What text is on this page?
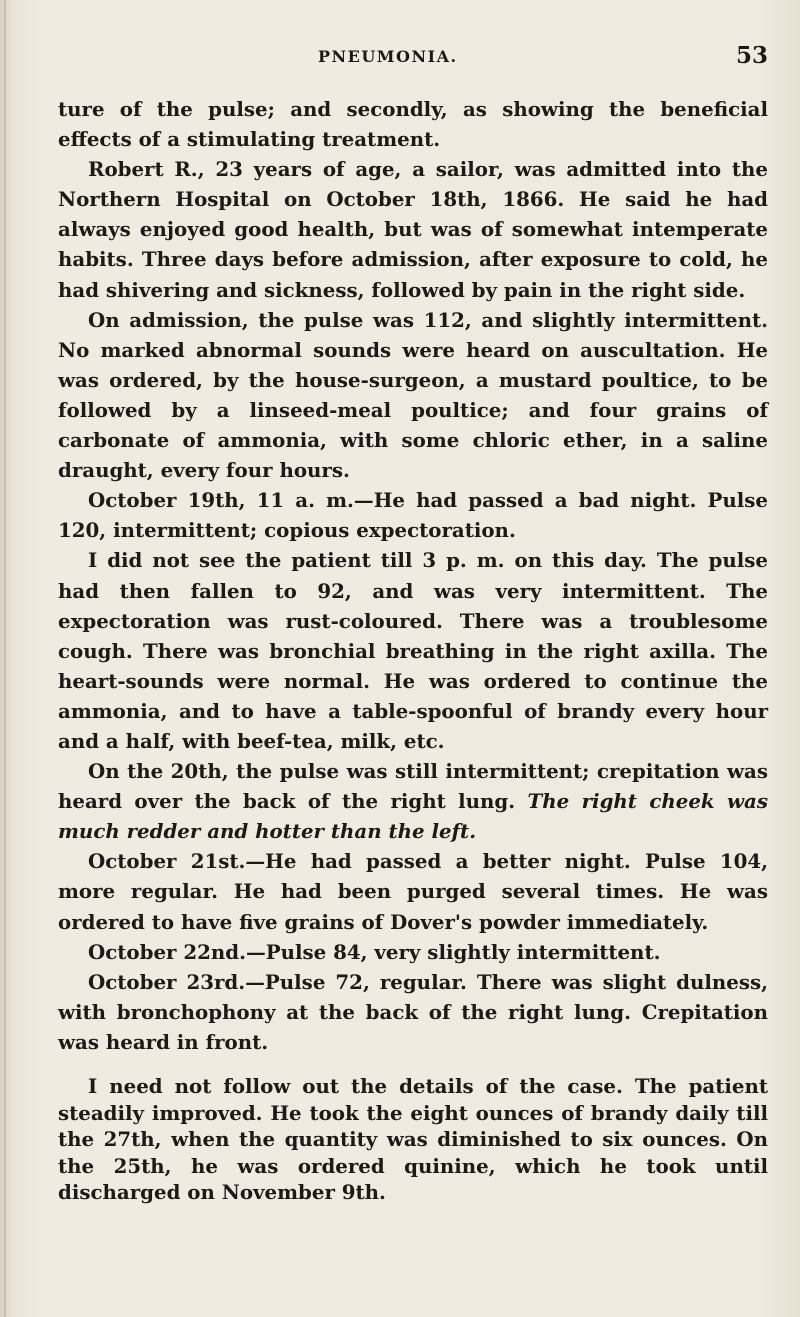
PNEUMONIA.	53

ture of the pulse; and secondly, as showing the beneficial effects of a stimulating treatment.

Robert R., 23 years of age, a sailor, was admitted into the Northern Hospital on October 18th, 1866. He said he had always enjoyed good health, but was of somewhat intemperate habits. Three days before admission, after exposure to cold, he had shivering and sickness, followed by pain in the right side.

On admission, the pulse was 112, and slightly intermittent. No marked abnormal sounds were heard on auscultation. He was ordered, by the house-surgeon, a mustard poultice, to be followed by a linseed-meal poultice; and four grains of carbonate of ammonia, with some chloric ether, in a saline draught, every four hours.

October 19th, 11 a. m.—He had passed a bad night. Pulse 120, intermittent; copious expectoration.

I did not see the patient till 3 p. m. on this day. The pulse had then fallen to 92, and was very intermittent. The expectoration was rust-coloured. There was a troublesome cough. There was bronchial breathing in the right axilla. The heart-sounds were normal. He was ordered to continue the ammonia, and to have a table-spoonful of brandy every hour and a half, with beef-tea, milk, etc.

On the 20th, the pulse was still intermittent; crepitation was heard over the back of the right lung. The right cheek was much redder and hotter than the left.

October 21st.—He had passed a better night. Pulse 104, more regular. He had been purged several times. He was ordered to have five grains of Dover's powder immediately.

October 22nd.—Pulse 84, very slightly intermittent.

October 23rd.—Pulse 72, regular. There was slight dulness, with bronchophony at the back of the right lung. Crepitation was heard in front.

I need not follow out the details of the case. The patient steadily improved. He took the eight ounces of brandy daily till the 27th, when the quantity was diminished to six ounces. On the 25th, he was ordered quinine, which he took until discharged on November 9th.
